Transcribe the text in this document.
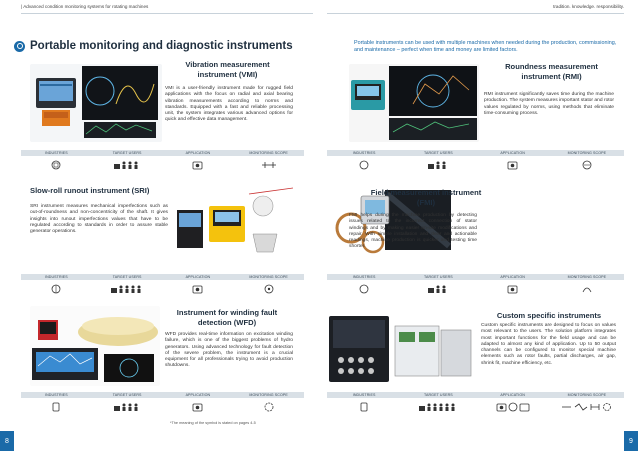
| Advanced condition monitoring systems for rotating machines
Portable monitoring and diagnostic instruments
Vibration measurement
instrument (VMI)
VMI is a user-friendly instrument made for rugged field applications with the focus on radial and axial bearing vibration measurements according to norms and standards. Equipped with a fast and reliable processing unit, the system integrates various advanced options for quick and effective data management.
INDUSTRIES	TARGET USERS	APPLICATION	MONITORING SCOPE
Slow-roll runout instrument (SRI)
SRI instrument measures mechanical imperfections such as out-of-roundness and non-concentricity of the shaft. It gives insights into runout imperfections values that have to be regulated according to standards in order to assure stable generator operations.
INDUSTRIES	TARGET USERS	APPLICATION	MONITORING SCOPE
Instrument for winding fault
detection (WFD)
WFD provides real-time information on excitation winding failure, which is one of the biggest problems of hydro generators. Using advanced technology for fault detection of the severe problem, the instrument is a crucial equipment for all professionals trying to avoid production shutdowns.
INDUSTRIES	TARGET USERS	APPLICATION	MONITORING SCOPE
*The meaning of the symbol is stated on pages 4-5
8
tradition. knowledge. responsibility.
Portable instruments can be used with multiple machines when needed during the production, commissioning, and maintenance – perfect when time and money are limited factors.
Roundness measurement
instrument (RMI)
RMI instrument significantly saves time during the machine production. The system measures important stator and rotor values regulated by norms, using methods that eliminate time-consuming process.
INDUSTRIES	TARGET USERS	APPLICATION	MONITORING SCOPE
Field measurement instrument
(FMI)
FMI helps during the machine production by detecting issues related to the incorrect connection of stator windings and by making easier on-site modifications and repair. With simple installation and clear and actionable readings, machine production is quicker and testing time shorter.
INDUSTRIES	TARGET USERS	APPLICATION	MONITORING SCOPE
Custom specific instruments
Custom specific instruments are designed to focus on values most relevant to the users. The solution platform integrates most important functions for the field usage and can be adapted to almost any kind of application. Up to 50 output channels can be configured to monitor special machine elements such as rotor faults, partial discharges, air gap, shrink fit, machine efficiency, etc.
INDUSTRIES	TARGET USERS	APPLICATION	MONITORING SCOPE
9
